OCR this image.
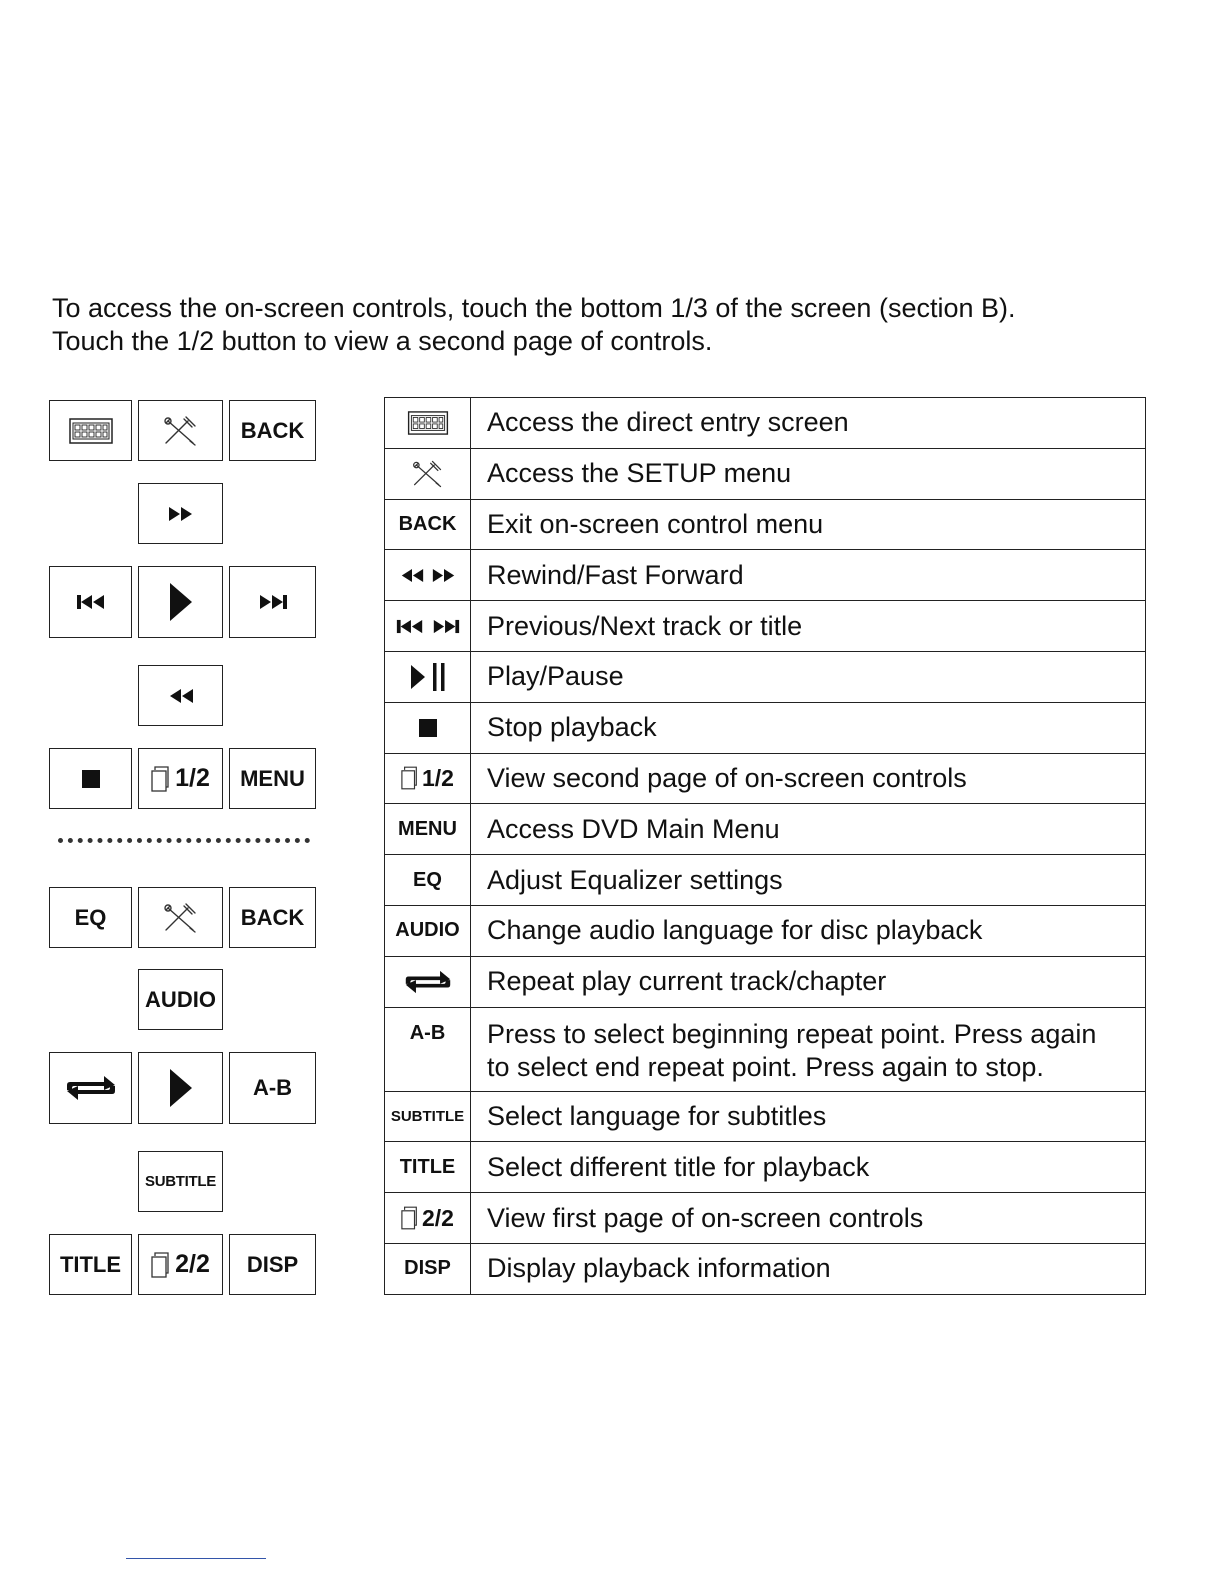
To access the on-screen controls, touch the bottom 1/3 of the screen (section B).

Touch the 1/2 button to view a second page of controls.

BACK
1/2 MENU
EQ	BACK
AUDIO
A-B
SUBTITLE
TITLE 2/2 DISP
	Access the direct entry screen

	Access the SETUP menu
BACK	Exit on-screen control menu

	Rewind/Fast Forward

	Previous/Next track or title

	Play/Pause

	Stop playback

1/2	View second page of on-screen controls
MENU	Access DVD Main Menu
EQ	Adjust Equalizer settings
AUDIO	Change audio language for disc playback

	Repeat play current track/chapter
A-B	Press to select beginning repeat point. Press again
to select end repeat point. Press again to stop.

SUBTITLE	Select language for subtitles
TITLE	Select different title for playback

2/2	View first page of on-screen controls
DISP	Display playback information
